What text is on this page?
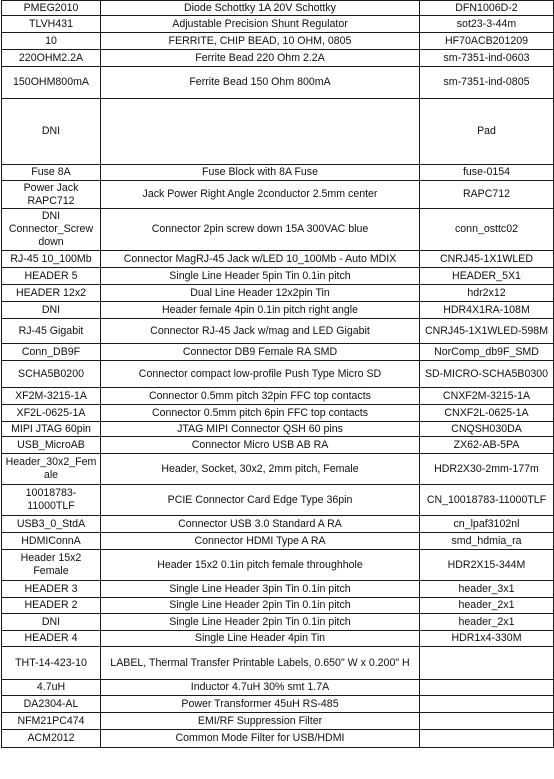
PMEG2010	Diode Schottky 1A 20V Schottky	DFN1006D-2
TLVH431	Adjustable Precision Shunt Regulator	sot23-3-44m
10	FERRITE, CHIP BEAD, 10 OHM, 0805	HF70ACB201209
220OHM2.2A	Ferrite Bead 220 Ohm 2.2A	sm-7351-ind-0603
150OHM800mA	Ferrite Bead 150 Ohm 800mA	sm-7351-ind-0805
DNI		Pad
Fuse 8A	Fuse Block with 8A Fuse	fuse-0154
Power Jack RAPC712	Jack Power Right Angle 2conductor 2.5mm center	RAPC712
DNI Connector_Screw down	Connector 2pin screw down 15A 300VAC blue	conn_osttc02
RJ-45 10_100Mb	Connector MagRJ-45 Jack w/LED 10_100Mb - Auto MDIX	CNRJ45-1X1WLED
HEADER 5	Single Line Header 5pin Tin 0.1in pitch	HEADER_5X1
HEADER 12x2	Dual Line Header 12x2pin Tin	hdr2x12
DNI	Header female 4pin 0.1in pitch right angle	HDR4X1RA-108M
RJ-45 Gigabit	Connector RJ-45 Jack w/mag and LED Gigabit	CNRJ45-1X1WLED-598M
Conn_DB9F	Connector DB9 Female RA SMD	NorComp_db9F_SMD
SCHA5B0200	Connector compact low-profile Push Type Micro SD	SD-MICRO-SCHA5B0300
XF2M-3215-1A	Connector 0.5mm pitch 32pin FFC top contacts	CNXF2M-3215-1A
XF2L-0625-1A	Connector 0.5mm pitch 6pin FFC top contacts	CNXF2L-0625-1A
MIPI JTAG 60pin	JTAG MIPI Connector QSH 60 pins	CNQSH030DA
USB_MicroAB	Connector Micro USB AB RA	ZX62-AB-5PA
Header_30x2_Female	Header, Socket, 30x2, 2mm pitch, Female	HDR2X30-2mm-177m
10018783-11000TLF	PCIE Connector Card Edge Type 36pin	CN_10018783-11000TLF
USB3_0_StdA	Connector USB 3.0 Standard A RA	cn_lpaf3102nl
HDMIConnA	Connector HDMI Type A RA	smd_hdmia_ra
Header 15x2 Female	Header 15x2 0.1in pitch female throughhole	HDR2X15-344M
HEADER 3	Single Line Header 3pin Tin 0.1in pitch	header_3x1
HEADER 2	Single Line Header 2pin Tin 0.1in pitch	header_2x1
DNI	Single Line Header 2pin Tin 0.1in pitch	header_2x1
HEADER 4	Single Line Header 4pin Tin	HDR1x4-330M
THT-14-423-10	LABEL, Thermal Transfer Printable Labels, 0.650" W x 0.200" H	
4.7uH	Inductor 4.7uH 30% smt 1.7A	
DA2304-AL	Power Transformer 45uH RS-485	
NFM21PC474	EMI/RF Suppression Filter	
ACM2012	Common Mode Filter for USB/HDMI	
